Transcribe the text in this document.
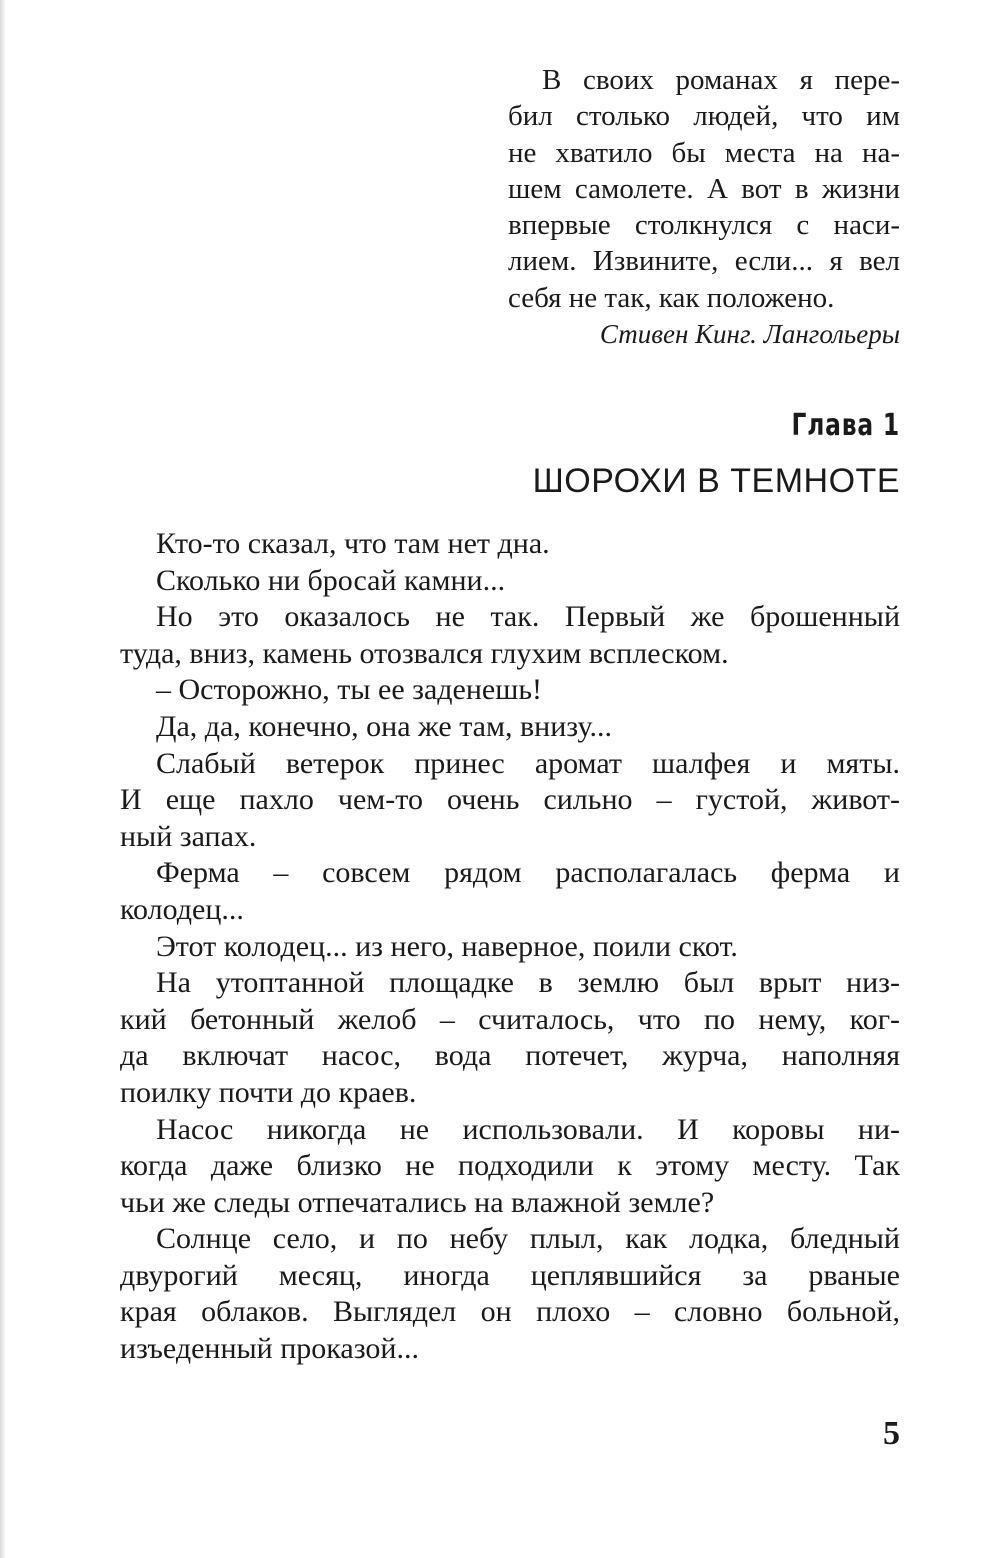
В своих романах я пере-
бил столько людей, что им
не хватило бы места на на-
шем самолете. А вот в жизни
впервые столкнулся с наси-
лием. Извините, если... я вел
себя не так, как положено.
Стивен Кинг. Лангольеры
Глава 1
ШОРОХИ В ТЕМНОТЕ

Кто-то сказал, что там нет дна.

Сколько ни бросай камни...

Но это оказалось не так. Первый же брошенный
туда, вниз, камень отозвался глухим всплеском.

– Осторожно, ты ее заденешь!

Да, да, конечно, она же там, внизу...

Слабый ветерок принес аромат шалфея и мяты.
И еще пахло чем-то очень сильно – густой, живот-
ный запах.

Ферма – совсем рядом располагалась ферма и
колодец...

Этот колодец... из него, наверное, поили скот.

На утоптанной площадке в землю был врыт низ-
кий бетонный желоб – считалось, что по нему, ког-
да включат насос, вода потечет, журча, наполняя
поилку почти до краев.

Насос никогда не использовали. И коровы ни-
когда даже близко не подходили к этому месту. Так
чьи же следы отпечатались на влажной земле?

Солнце село, и по небу плыл, как лодка, бледный
двурогий месяц, иногда цеплявшийся за рваные
края облаков. Выглядел он плохо – словно больной,
изъеденный проказой...

5
